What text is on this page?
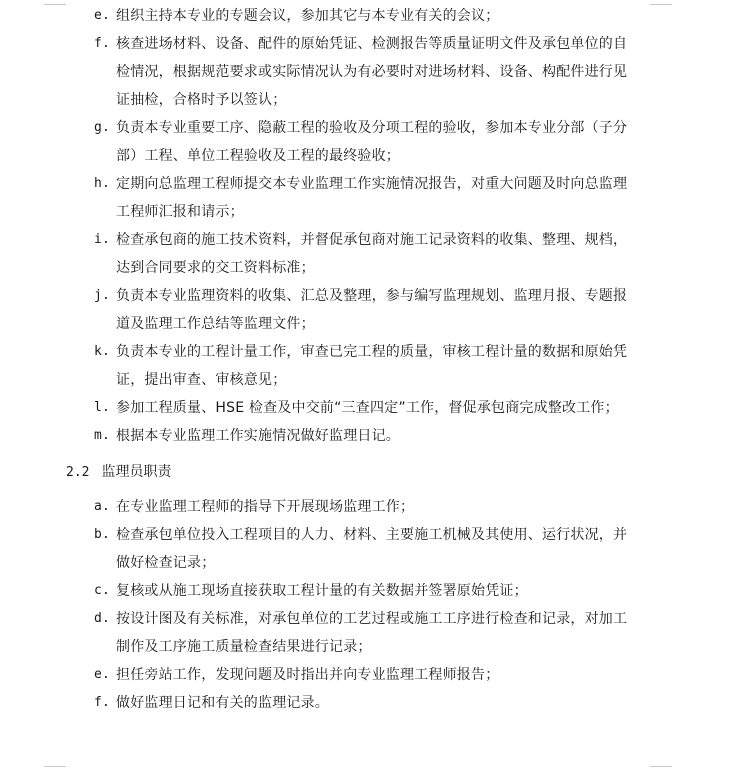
e. 组织主持本专业的专题会议，参加其它与本专业有关的会议；
f. 核查进场材料、设备、配件的原始凭证、检测报告等质量证明文件及承包单位的自
检情况，根据规范要求或实际情况认为有必要时对进场材料、设备、构配件进行见
证抽检，合格时予以签认；
g. 负责本专业重要工序、隐蔽工程的验收及分项工程的验收，参加本专业分部（子分
部）工程、单位工程验收及工程的最终验收；
h. 定期向总监理工程师提交本专业监理工作实施情况报告，对重大问题及时向总监理
工程师汇报和请示；
i. 检查承包商的施工技术资料，并督促承包商对施工记录资料的收集、整理、规档，
达到合同要求的交工资料标准；
j. 负责本专业监理资料的收集、汇总及整理，参与编写监理规划、监理月报、专题报
道及监理工作总结等监理文件；
k. 负责本专业的工程计量工作，审查已完工程的质量，审核工程计量的数据和原始凭
证，提出审查、审核意见；
l. 参加工程质量、HSE 检查及中交前“三查四定”工作，督促承包商完成整改工作；
m. 根据本专业监理工作实施情况做好监理日记。
2.2 监理员职责
a. 在专业监理工程师的指导下开展现场监理工作；
b. 检查承包单位投入工程项目的人力、材料、主要施工机械及其使用、运行状况，并
做好检查记录；
c. 复核或从施工现场直接获取工程计量的有关数据并签署原始凭证；
d. 按设计图及有关标准，对承包单位的工艺过程或施工工序进行检查和记录，对加工
制作及工序施工质量检查结果进行记录；
e. 担任旁站工作，发现问题及时指出并向专业监理工程师报告；
f. 做好监理日记和有关的监理记录。
